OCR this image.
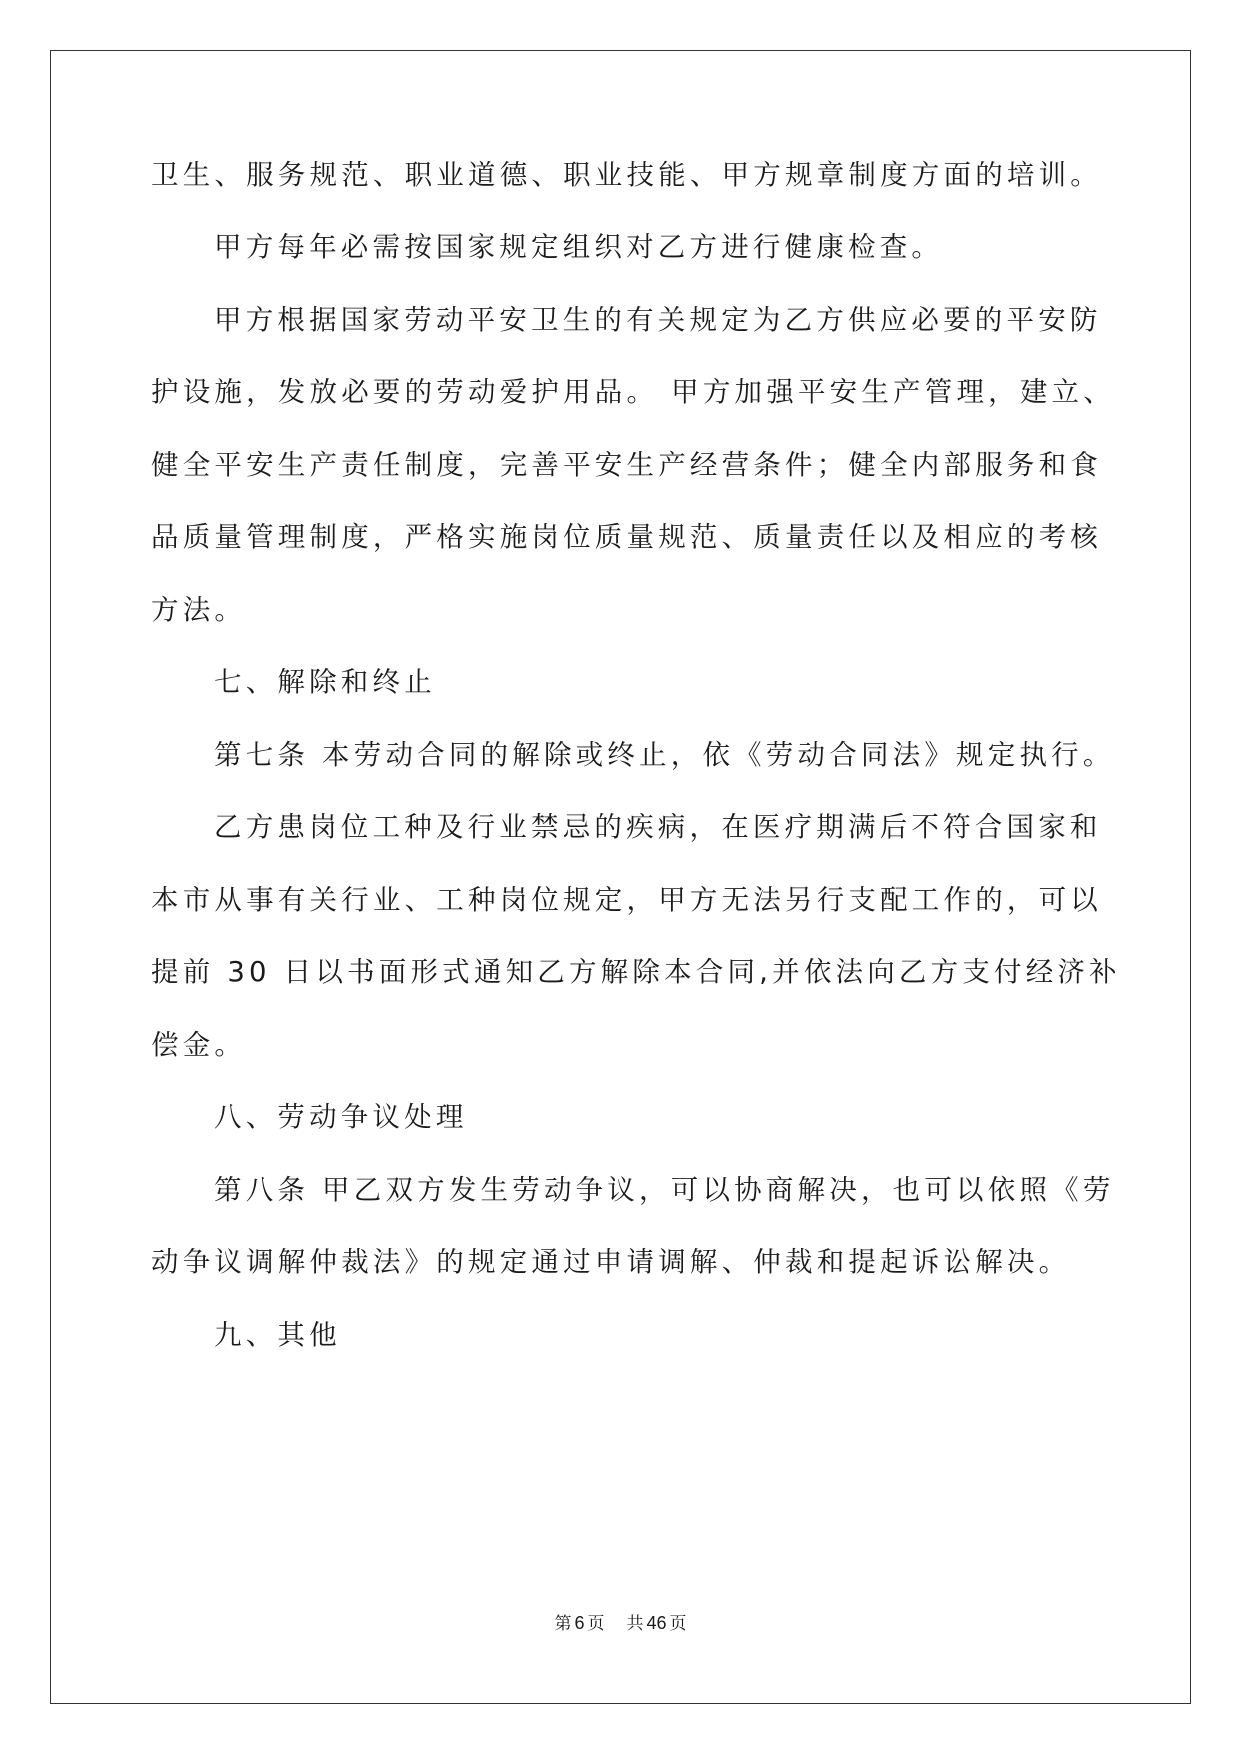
卫生、服务规范、职业道德、职业技能、甲方规章制度方面的培训。
甲方每年必需按国家规定组织对乙方进行健康检查。
甲方根据国家劳动平安卫生的有关规定为乙方供应必要的平安防
护设施，发放必要的劳动爱护用品。 甲方加强平安生产管理，建立、
健全平安生产责任制度，完善平安生产经营条件；健全内部服务和食
品质量管理制度，严格实施岗位质量规范、质量责任以及相应的考核
方法。
七、解除和终止
第七条 本劳动合同的解除或终止，依《劳动合同法》规定执行。
乙方患岗位工种及行业禁忌的疾病，在医疗期满后不符合国家和
本市从事有关行业、工种岗位规定，甲方无法另行支配工作的，可以
提前 30 日以书面形式通知乙方解除本合同,并依法向乙方支付经济补
偿金。
八、劳动争议处理
第八条 甲乙双方发生劳动争议，可以协商解决，也可以依照《劳
动争议调解仲裁法》的规定通过申请调解、仲裁和提起诉讼解决。
九、其他
第 6 页 共 46 页
